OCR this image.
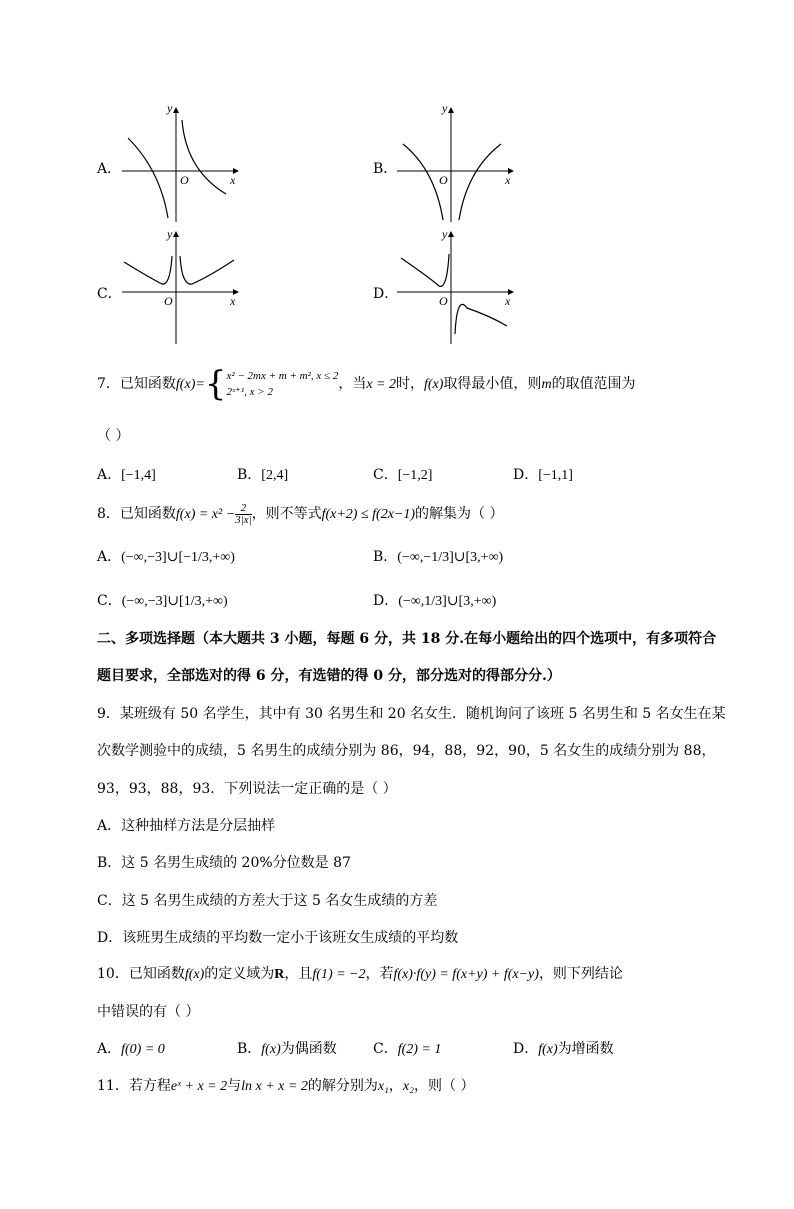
A．
y
x
O
B．
y
x
O
C．
y
x
O	D．
y
x
O
7．已知函数f(x)={ x² − 2mx + m + m², x ≤ 2
2ˣ⁺¹, x > 2	，当x = 2时，f(x)取得最小值，则m的取值范围为
（ ）
A．[−1,4]	B．[2,4]	C．[−1,2]	D．[−1,1]
8．已知函数$f(x) = x^2 - \frac{2}{3|x|}$ ，则不等式f(x+2) ≤ f(2x−1)的解集为（ ）
A．(−∞,−3]∪[−1/3,+∞)	B．(−∞,−1/3]∪[3,+∞)
C．(−∞,−3]∪[1/3,+∞)	D．(−∞,1/3]∪[3,+∞)
二、多项选择题（本大题共 3 小题，每题 6 分，共 18 分.在每小题给出的四个选项中，有多项符合
题目要求，全部选对的得 6 分，有选错的得 0 分，部分选对的得部分分.）
9．某班级有 50 名学生，其中有 30 名男生和 20 名女生．随机询问了该班 5 名男生和 5 名女生在某
次数学测验中的成绩，5 名男生的成绩分别为 86，94，88，92，90，5 名女生的成绩分别为 88，
93，93，88，93．下列说法一定正确的是（ ）
A．这种抽样方法是分层抽样
B．这 5 名男生成绩的 20%分位数是 87
C．这 5 名男生成绩的方差大于这 5 名女生成绩的方差
D．该班男生成绩的平均数一定小于该班女生成绩的平均数
10．已知函数f(x)的定义域为R，且f(1) = −2，若f(x)·f(y) = f(x+y) + f(x−y)，则下列结论
中错误的有（ ）
A．f(0) = 0	B．f(x)为偶函数	C．f(2) = 1	D．f(x)为增函数
11．若方程eˣ + x = 2与ln x + x = 2的解分别为x₁，x₂，则（ ）
